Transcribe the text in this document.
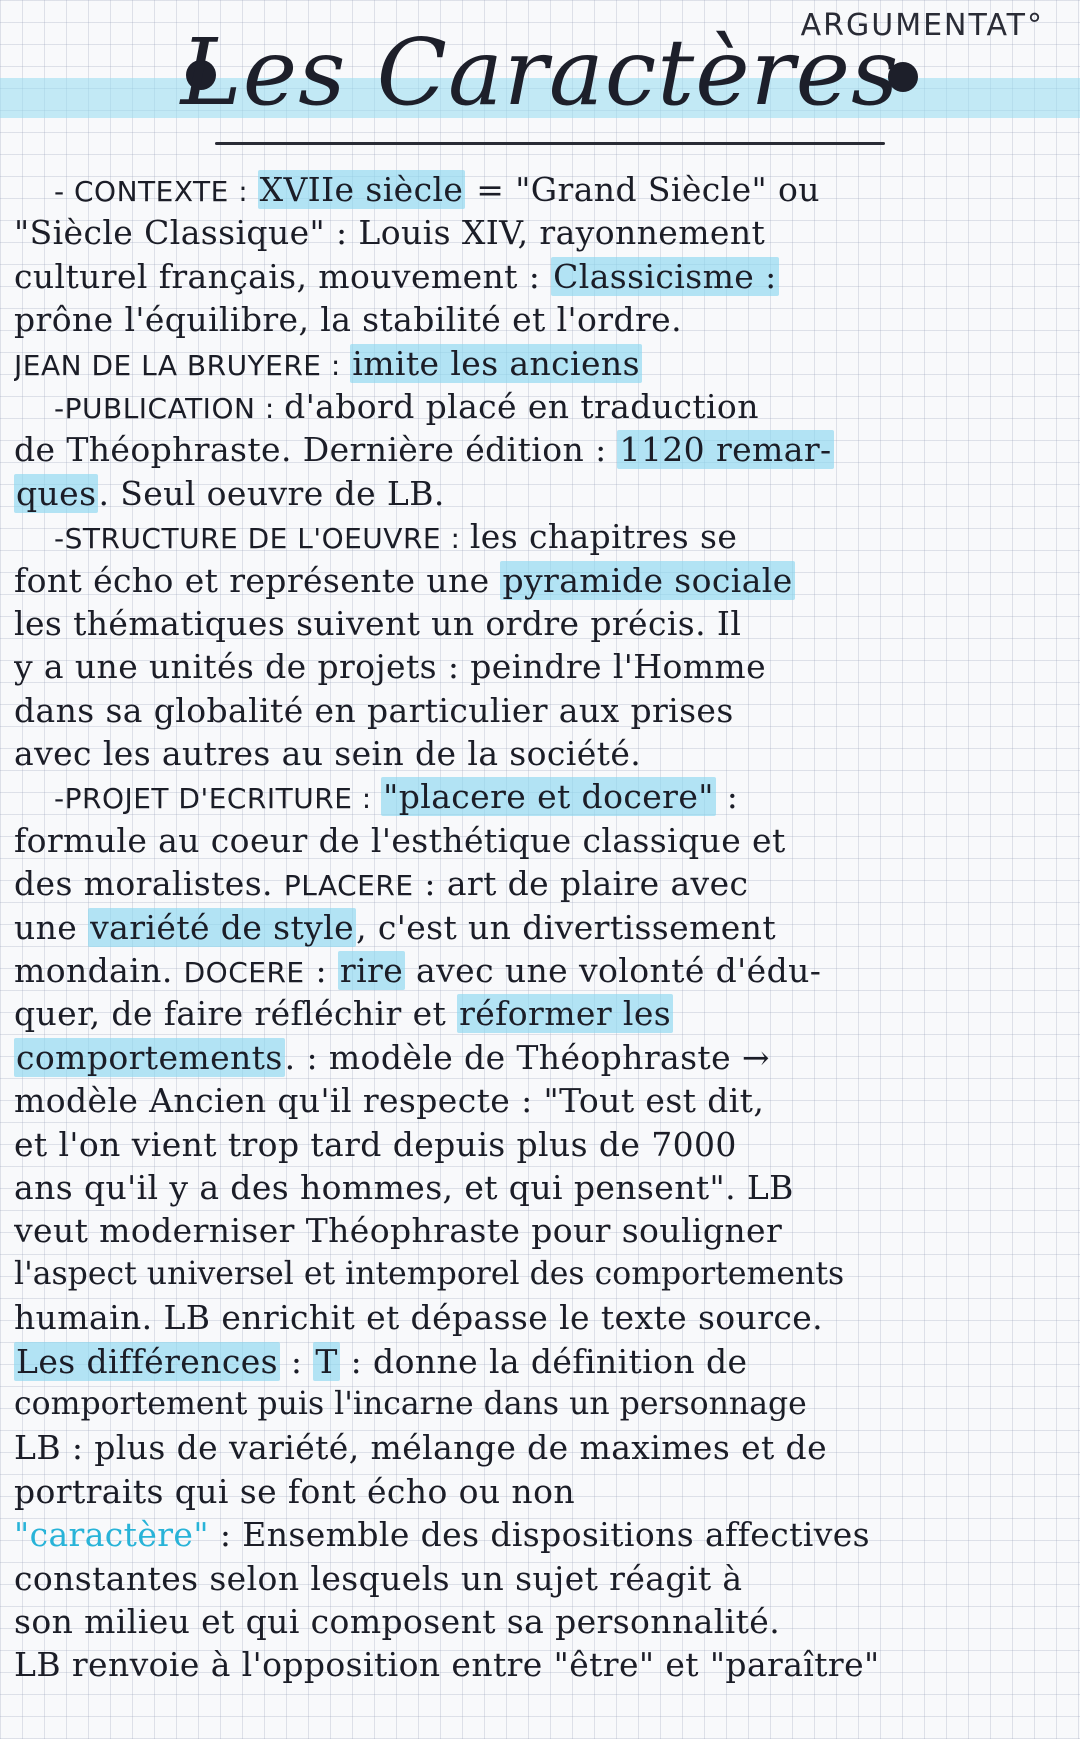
ARGUMENTAT°
Les Caractères
- CONTEXTE : XVIIe siècle = "Grand Siècle" ou
"Siècle Classique" : Louis XIV, rayonnement
culturel français, mouvement : Classicisme :
prône l'équilibre, la stabilité et l'ordre.
JEAN DE LA BRUYERE : imite les anciens
-PUBLICATION : d'abord placé en traduction
de Théophraste. Dernière édition : 1120 remar-
ques. Seul oeuvre de LB.
-STRUCTURE DE L'OEUVRE : les chapitres se
font écho et représente une pyramide sociale
les thématiques suivent un ordre précis. Il
y a une unités de projets : peindre l'Homme
dans sa globalité en particulier aux prises
avec les autres au sein de la société.
-PROJET D'ECRITURE : "placere et docere" :
formule au coeur de l'esthétique classique et
des moralistes. PLACERE : art de plaire avec
une variété de style, c'est un divertissement
mondain. DOCERE : rire avec une volonté d'édu-
quer, de faire réfléchir et réformer les
comportements. : modèle de Théophraste →
modèle Ancien qu'il respecte : "Tout est dit,
et l'on vient trop tard depuis plus de 7000
ans qu'il y a des hommes, et qui pensent". LB
veut moderniser Théophraste pour souligner
l'aspect universel et intemporel des comportements
humain. LB enrichit et dépasse le texte source.
Les différences : T : donne la définition de
comportement puis l'incarne dans un personnage
LB : plus de variété, mélange de maximes et de
portraits qui se font écho ou non
"caractère" : Ensemble des dispositions affectives
constantes selon lesquels un sujet réagit à
son milieu et qui composent sa personnalité.
LB renvoie à l'opposition entre "être" et "paraître"
